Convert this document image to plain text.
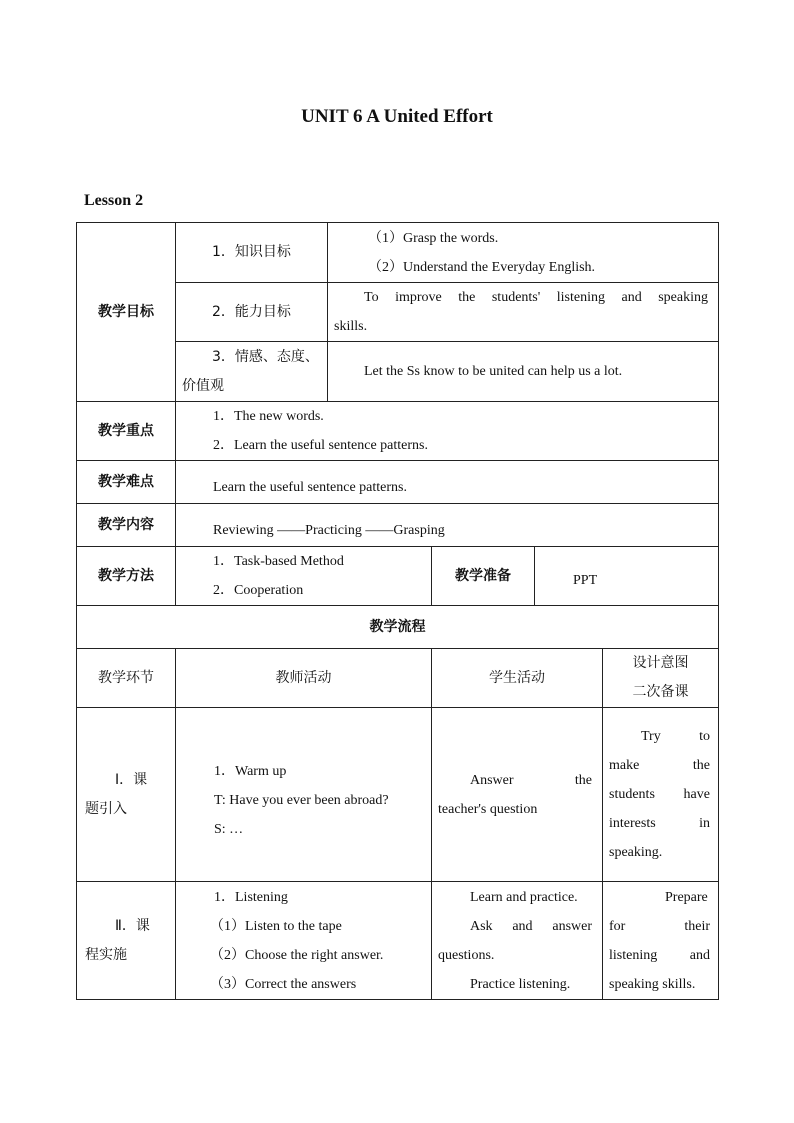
UNIT 6 A United Effort
Lesson 2
教学目标	1．知识目标	（1）Grasp the words.
（2）Understand the Everyday English.			

	2．能力目标	To improve the students' listening and speaking
skills.			

	3．情感、态度、
价值观	Let the Ss know to be united can help us a lot.			
教学重点	1．The new words.
2．Learn the useful sentence patterns.				

教学难点	Learn the useful sentence patterns.				
教学内容	Reviewing ——Practicing ——Grasping				
教学方法	1．Task-based Method
2．Cooperation		教学准备	PPT	
教学流程					
教学环节	教师活动		学生活动		设计意图
二次备课

Ⅰ．课
题引入	1．Warm up
T: Have you ever been abroad?
S: …		Answer the
teacher's question		Try to
make the
students have
interests in
speaking.

Ⅱ．课
程实施	1．Listening
（1）Listen to the tape
（2）Choose the right answer.
（3）Correct the answers		Learn and practice.
Ask and answer
questions.
Practice listening.		Prepare
for their
listening and
speaking skills.
